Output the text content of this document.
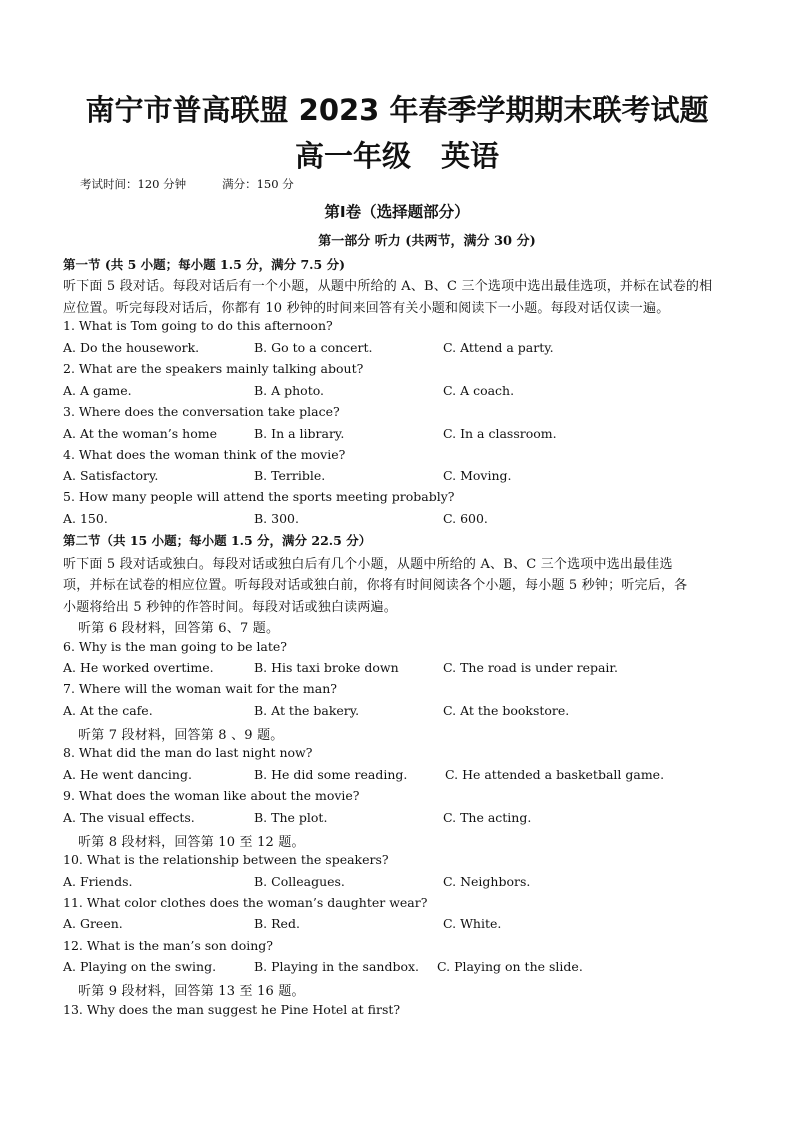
南宁市普高联盟 2023 年春季学期期末联考试题
高一年级 英语
考试时间：120 分钟	满分：150 分
第Ⅰ卷（选择题部分）
第一部分 听力 (共两节，满分 30 分)
第一节 (共 5 小题；每小题 1.5 分，满分 7.5 分)
听下面 5 段对话。每段对话后有一个小题，从题中所给的 A、B、C 三个选项中选出最佳选项，并标在试卷的相
应位置。听完每段对话后，你都有 10 秒钟的时间来回答有关小题和阅读下一小题。每段对话仅读一遍。
1. What is Tom going to do this afternoon?
A. Do the housework.	B. Go to a concert.	C. Attend a party.
2. What are the speakers mainly talking about?
A. A game.	B. A photo.	C. A coach.
3. Where does the conversation take place?
A. At the woman’s home	B. In a library.	C. In a classroom.
4. What does the woman think of the movie?
A. Satisfactory.	B. Terrible.	C. Moving.
5. How many people will attend the sports meeting probably?
A. 150.	B. 300.	C. 600.
第二节（共 15 小题；每小题 1.5 分，满分 22.5 分）
听下面 5 段对话或独白。每段对话或独白后有几个小题，从题中所给的 A、B、C 三个选项中选出最佳选
项，并标在试卷的相应位置。听每段对话或独白前，你将有时间阅读各个小题，每小题 5 秒钟；听完后，各
小题将给出 5 秒钟的作答时间。每段对话或独白读两遍。
听第 6 段材料，回答第 6、7 题。
6. Why is the man going to be late?
A. He worked overtime.	B. His taxi broke down	C. The road is under repair.
7. Where will the woman wait for the man?
A. At the cafe.	B. At the bakery.	C. At the bookstore.
听第 7 段材料，回答第 8 、9 题。
8. What did the man do last night now?
A. He went dancing.	B. He did some reading.	C. He attended a basketball game.
9. What does the woman like about the movie?
A. The visual effects.	B. The plot.	C. The acting.
听第 8 段材料，回答第 10 至 12 题。
10. What is the relationship between the speakers?
A. Friends.	B. Colleagues.	C. Neighbors.
11. What color clothes does the woman’s daughter wear?
A. Green.	B. Red.	C. White.
12. What is the man’s son doing?
A. Playing on the swing.	B. Playing in the sandbox. C. Playing on the slide.
听第 9 段材料，回答第 13 至 16 题。
13. Why does the man suggest he Pine Hotel at first?
